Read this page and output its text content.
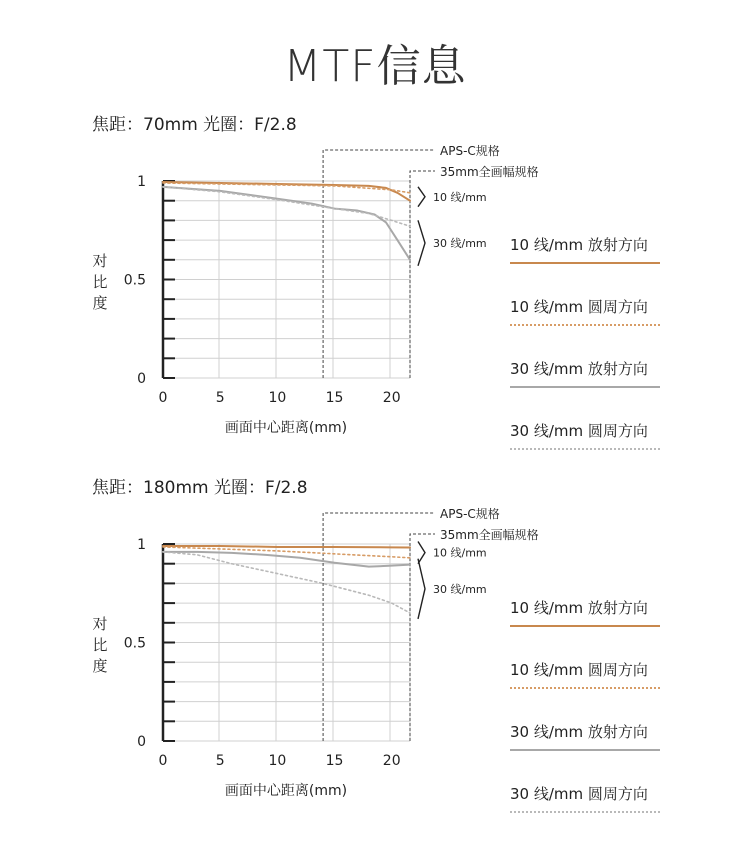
MTF信息
焦距：70mm 光圈：F/2.8
0
0.5
1
0	5	10	15	20
对
比
度
画面中心距离(mm)
APS-C规格
35mm全画幅规格
10 线/mm
30 线/mm 10 线/mm 放射方向
10 线/mm 圆周方向
30 线/mm 放射方向
30 线/mm 圆周方向
焦距：180mm 光圈：F/2.8
0
0.5
1
0	5	10	15	20
对
比
度
画面中心距离(mm)
APS-C规格
35mm全画幅规格
10 线/mm
30 线/mm
10 线/mm 放射方向
10 线/mm 圆周方向
30 线/mm 放射方向
30 线/mm 圆周方向
